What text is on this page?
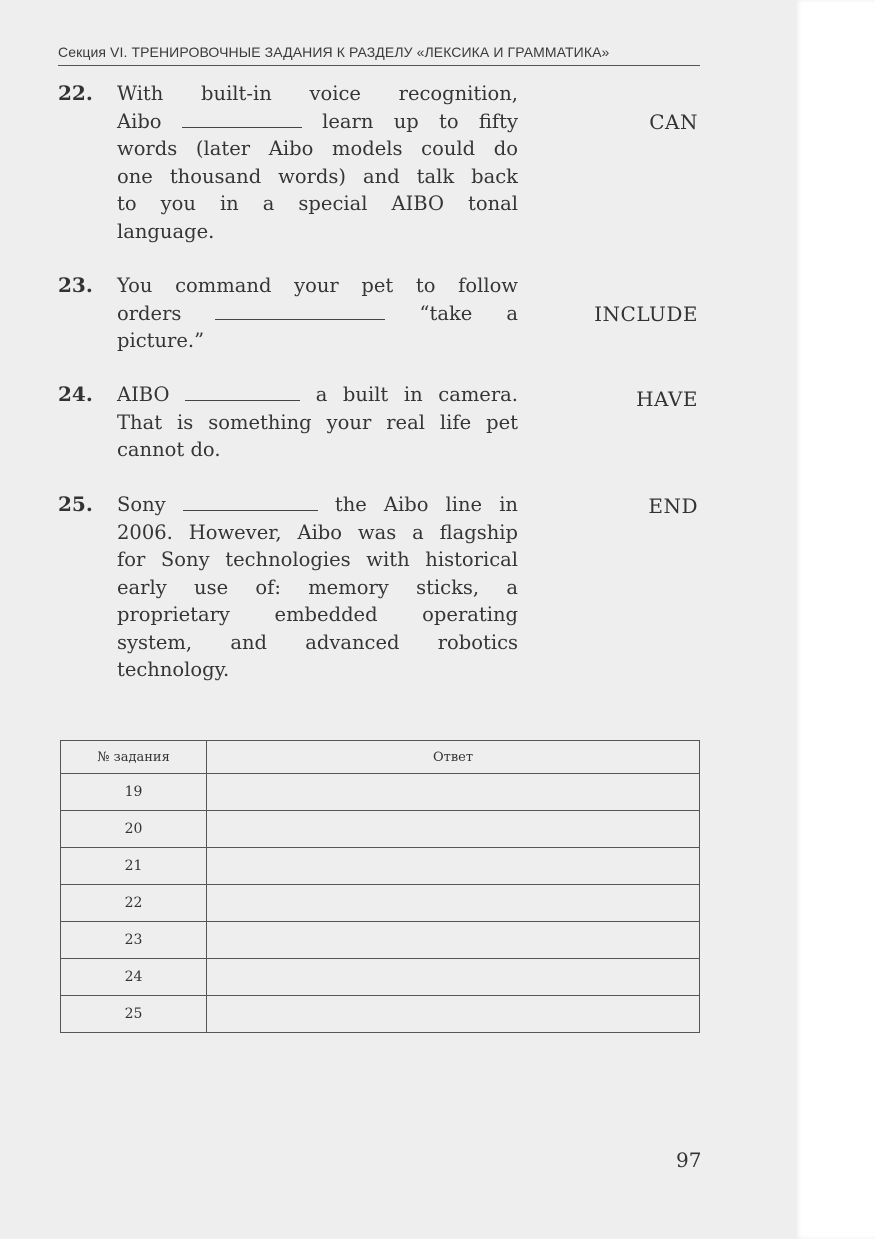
Секция VI. ТРЕНИРОВОЧНЫЕ ЗАДАНИЯ К РАЗДЕЛУ «ЛЕКСИКА И ГРАММАТИКА»
22. With built-in voice recognition,
Aibo	learn up to fifty
words (later Aibo models could do
one thousand words) and talk back
to you in a special AIBO tonal
language.
CAN
23. You command your pet to follow
orders	“take a
picture.”
INCLUDE
24. AIBO	a built in camera.
That is something your real life pet
cannot do.
HAVE
25. Sony	the Aibo line in
2006. However, Aibo was a flagship
for Sony technologies with historical
early use of: memory sticks, a
proprietary embedded operating
system, and advanced robotics
technology.
END
№ задания	Ответ
19	
20	
21	
22	
23	
24	
25	
97
